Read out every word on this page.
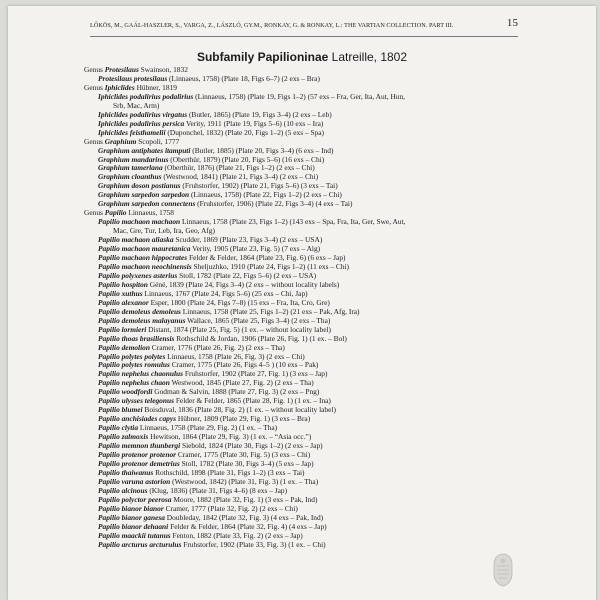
LŐKÖS, M., GAÁL-HASZLER, S., VARGA, Z., LÁSZLÓ, GY.M., RONKAY, G. & RONKAY, L.: THE VARTIAN COLLECTION. PART III.	15
Subfamily Papilioninae Latreille, 1802
Genus Protesilaus Swainson, 1832
Protesilaus protesilaus (Linnaeus, 1758) (Plate 18, Figs 6–7) (2 exs – Bra)
Genus Iphiclides Hübner, 1819
Iphiclides podalirius podalirius (Linnaeus, 1758) (Plate 19, Figs 1–2) (57 exs – Fra, Ger, Ita, Aut, Hun,
Srb, Mac, Arm)
Iphiclides podalirius virgatus (Butler, 1865) (Plate 19, Figs 3–4) (2 exs – Leb)
Iphiclides podalirius persica Verity, 1911 (Plate 19, Figs 5–6) (10 exs – Ira)
Iphiclides feisthamelii (Duponchel, 1832) (Plate 20, Figs 1–2) (5 exs – Spa)
Genus Graphium Scopoli, 1777
Graphium antiphates itamputi (Butler, 1885) (Plate 20, Figs 3–4) (6 exs – Ind)
Graphium mandarinus (Oberthür, 1879) (Plate 20, Figs 5–6) (16 exs – Chi)
Graphium tamerlana (Oberthür, 1876) (Plate 21, Figs 1–2) (2 exs – Chi)
Graphium cloanthus (Westwood, 1841) (Plate 21, Figs 3–4) (2 exs – Chi)
Graphium doson postianus (Fruhstorfer, 1902) (Plate 21, Figs 5–6) (3 exs – Tai)
Graphium sarpedon sarpedon (Linnaeus, 1758) (Plate 22, Figs 1–2) (2 exs – Chi)
Graphium sarpedon connectens (Fruhstorfer, 1906) (Plate 22, Figs 3–4) (4 exs – Tai)
Genus Papilio Linnaeus, 1758
Papilio machaon machaon Linnaeus, 1758 (Plate 23, Figs 1–2) (143 exs – Spa, Fra, Ita, Ger, Swe, Aut,
Mac, Gre, Tur, Leb, Ira, Geo, Afg)
Papilio machaon aliaska Scudder, 1869 (Plate 23, Figs 3–4) (2 exs – USA)
Papilio machaon mauretanica Verity, 1905 (Plate 23, Fig. 5) (7 exs – Alg)
Papilio machaon hippocrates Felder & Felder, 1864 (Plate 23, Fig. 6) (6 exs – Jap)
Papilio machaon neochinensis Sheljuzhko, 1910 (Plate 24, Figs 1–2) (11 exs – Chi)
Papilio polyxenes asterius Stoll, 1782 (Plate 22, Figs 5–6) (2 exs – USA)
Papilio hospiton Géné, 1839 (Plate 24, Figs 3–4) (2 exs – without locality labels)
Papilio xuthus Linnaeus, 1767 (Plate 24, Figs 5–6) (25 exs – Chi, Jap)
Papilio alexanor Esper, 1800 (Plate 24, Figs 7–8) (15 exs – Fra, Ita, Cro, Gre)
Papilio demoleus demoleus Linnaeus, 1758 (Plate 25, Figs 1–2) (21 exs – Pak, Afg, Ira)
Papilio demoleus malayanus Wallace, 1865 (Plate 25, Figs 3–4) (2 exs – Tha)
Papilio lormieri Distant, 1874 (Plate 25, Fig. 5) (1 ex. – without locality label)
Papilio thoas brasiliensis Rothschild & Jordan, 1906 (Plate 26, Fig. 1) (1 ex. – Bol)
Papilio demolion Cramer, 1776 (Plate 26, Fig. 2) (2 exs – Tha)
Papilio polytes polytes Linnaeus, 1758 (Plate 26, Fig. 3) (2 exs – Chi)
Papilio polytes romulus Cramer, 1775 (Plate 26, Figs 4–5 ) (10 exs – Pak)
Papilio nephelus chaonulus Fruhstorfer, 1902 (Plate 27, Fig. 1) (3 exs – Jap)
Papilio nephelus chaon Westwood, 1845 (Plate 27, Fig. 2) (2 exs – Tha)
Papilio woodfordi Godman & Salvin, 1888 (Plate 27, Fig. 3) (2 exs – Png)
Papilio ulysses telegonus Felder & Felder, 1865 (Plate 28, Fig. 1) (1 ex. – Ina)
Papilio blumei Boisduval, 1836 (Plate 28, Fig. 2) (1 ex. – without locality label)
Papilio anchisiades capys Hübner, 1809 (Plate 29, Fig. 1) (3 exs – Bra)
Papilio clytia Linnaeus, 1758 (Plate 29, Fig. 2) (1 ex. – Tha)
Papilio zalmoxis Hewitson, 1864 (Plate 29, Fig. 3) (1 ex. – “Asia occ.”)
Papilio memnon thunbergi Siebold, 1824 (Plate 30, Figs 1–2) (2 exs – Jap)
Papilio protenor protenor Cramer, 1775 (Plate 30, Fig. 5) (3 exs – Chi)
Papilio protenor demetrius Stoll, 1782 (Plate 30, Figs 3–4) (5 exs – Jap)
Papilio thaiwanus Rothschild, 1898 (Plate 31, Figs 1–2) (3 exs – Tai)
Papilio varuna astorion (Westwood, 1842) (Plate 31, Fig. 3) (1 ex. – Tha)
Papilio alcinous (Klug, 1836) (Plate 31, Figs 4–6) (8 exs – Jap)
Papilio polyctor peerosa Moore, 1882 (Plate 32, Fig. 1) (3 exs – Pak, Ind)
Papilio bianor bianor Cramer, 1777 (Plate 32, Fig. 2) (2 exs – Chi)
Papilio bianor ganesa Doubleday, 1842 (Plate 32, Fig. 3) (4 exs – Pak, Ind)
Papilio bianor dehaani Felder & Felder, 1864 (Plate 32, Fig. 4) (4 exs – Jap)
Papilio maackii tutanus Fenton, 1882 (Plate 33, Fig. 2) (2 exs – Jap)
Papilio arcturus arcturulus Fruhstorfer, 1902 (Plate 33, Fig. 3) (1 ex. – Chi)
